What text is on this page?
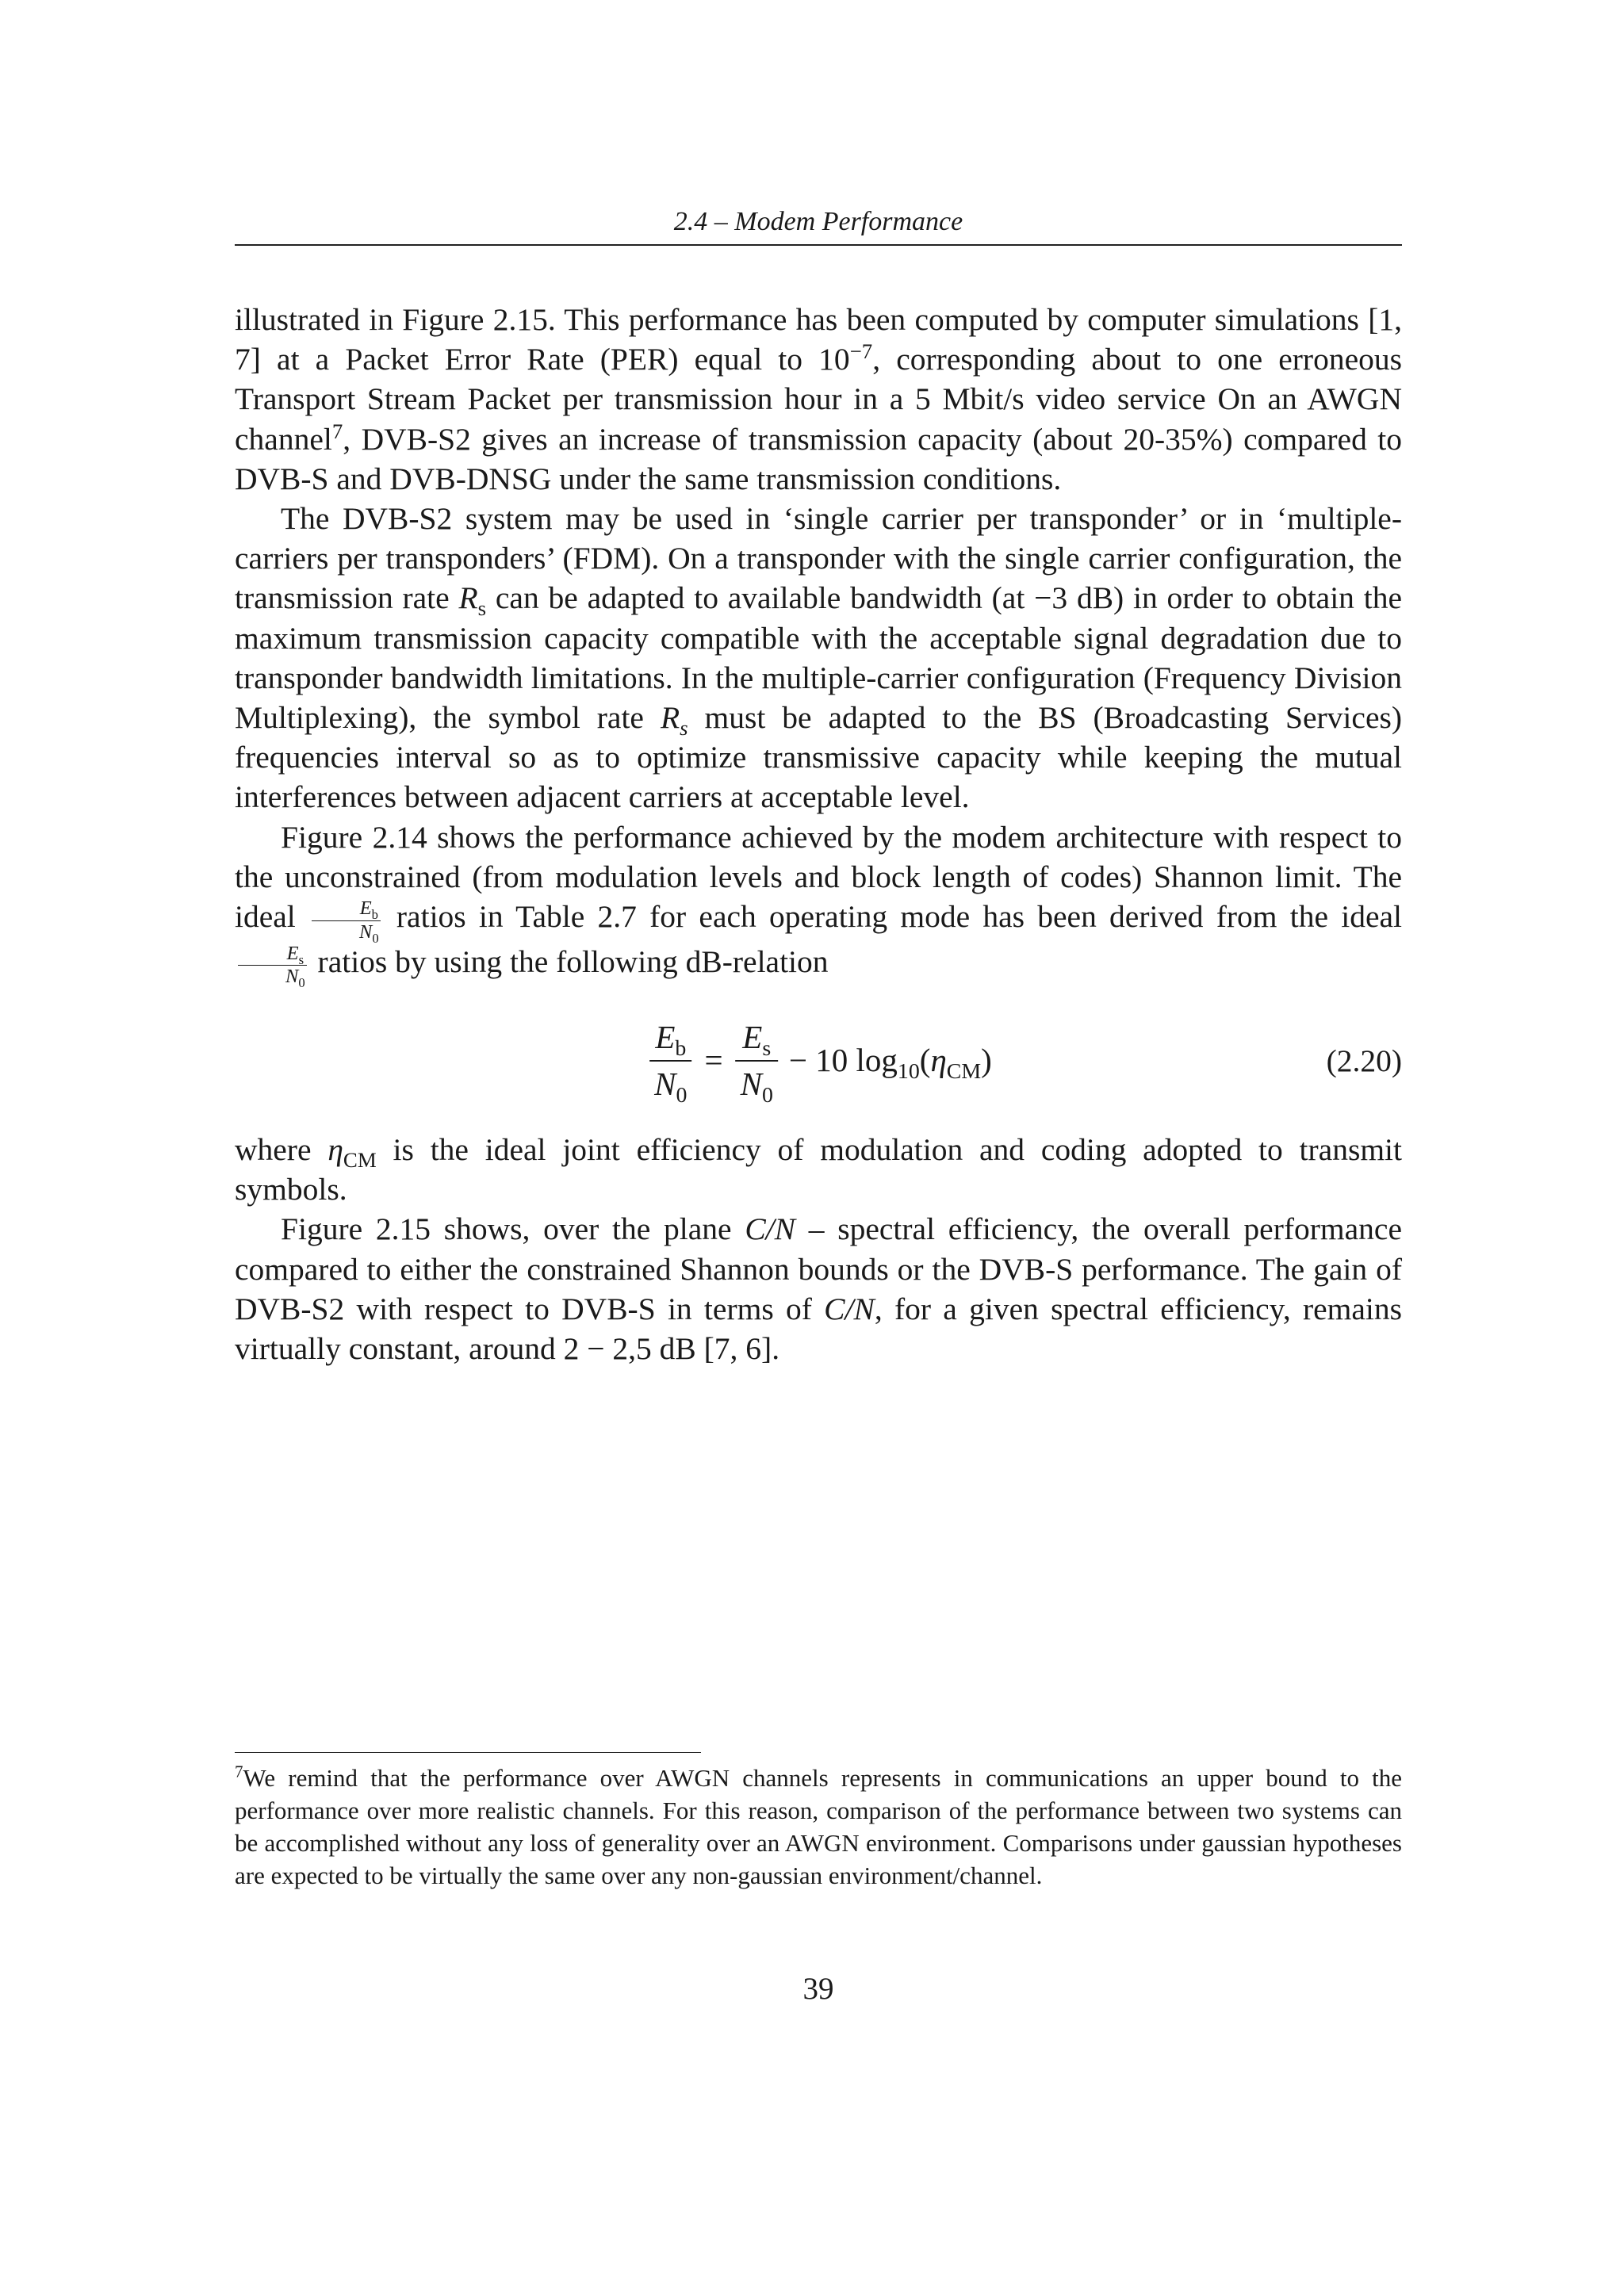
2.4 – Modem Performance

illustrated in Figure 2.15. This performance has been computed by computer simulations [1, 7] at a Packet Error Rate (PER) equal to $10^{-7}$, corresponding about to one erroneous Transport Stream Packet per transmission hour in a 5 Mbit/s video service On an AWGN channel$^7$, DVB-S2 gives an increase of transmission capacity (about 20-35%) compared to DVB-S and DVB-DNSG under the same transmission conditions.

The DVB-S2 system may be used in ‘single carrier per transponder’ or in ‘multiple-carriers per transponders’ (FDM). On a transponder with the single carrier configuration, the transmission rate $R_s$ can be adapted to available bandwidth (at −3 dB) in order to obtain the maximum transmission capacity compatible with the acceptable signal degradation due to transponder bandwidth limitations. In the multiple-carrier configuration (Frequency Division Multiplexing), the symbol rate $R_s$ must be adapted to the BS (Broadcasting Services) frequencies interval so as to optimize transmissive capacity while keeping the mutual interferences between adjacent carriers at acceptable level.

Figure 2.14 shows the performance achieved by the modem architecture with respect to the unconstrained (from modulation levels and block length of codes) Shannon limit. The ideal $\frac{E_b}{N_0}$ ratios in Table 2.7 for each operating mode has been derived from the ideal
$\frac{E_s}{N_0}$ ratios by using the following dB-relation

$\frac{E_b}{N_0} = \frac{E_s}{N_0} - 10$ $\log_{10}(\eta_{CM})$	(2.20)

where $\eta_{CM}$ is the ideal joint efficiency of modulation and coding adopted to transmit symbols.

Figure 2.15 shows, over the plane C/N – spectral efficiency, the overall performance compared to either the constrained Shannon bounds or the DVB-S performance. The gain of DVB-S2 with respect to DVB-S in terms of C/N, for a given spectral efficiency, remains virtually constant, around 2 − 2,5 dB [7, 6].

$^7$We remind that the performance over AWGN channels represents in communications an upper bound to the performance over more realistic channels. For this reason, comparison of the performance between two systems can be accomplished without any loss of generality over an AWGN environment. Comparisons under gaussian hypotheses are expected to be virtually the same over any non-gaussian environment/channel.

39
